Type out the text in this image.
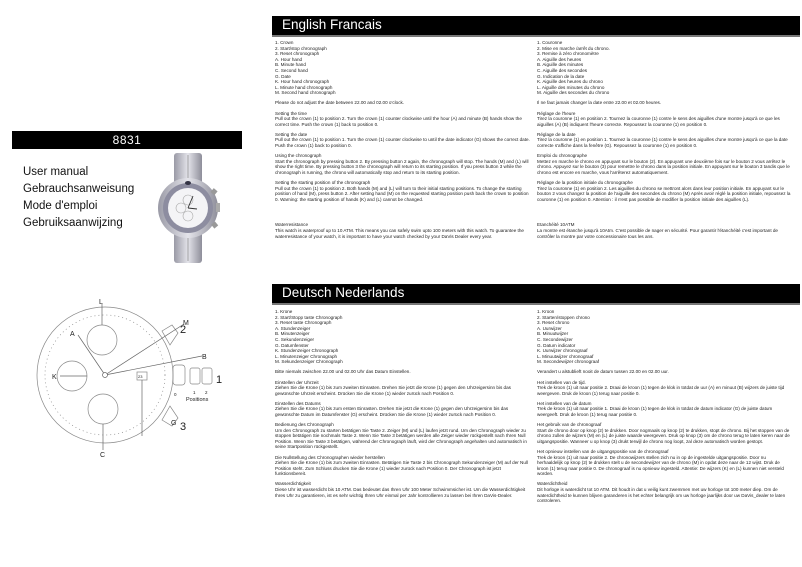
8831
User manual
Gebrauchsanweisung
Mode d'emploi
Gebruiksaanwijzing
L
M
A
B
K
G
C
2
1
3
Positions
0	1 2
23
English Francais
Deutsch Nederlands
1. Crown
2. Start/stop chronograph
3. Reset chronograph
A. Hour hand
B. Minute hand
C. Second hand
G. Date
K. Hour hand chronograph
L. Minute hand chronograph
M. Second hand chronograph
Please do not adjust the date between 22.00 and 02.00 o'clock.
Setting the time
Pull out the crown (1) to position 2. Turn the crown (1) counter clockwise until the hour (A) and minute (B) hands show the correct time. Push the crown (1) back to position 0.
Setting the date
Pull out the crown (1) to position 1. Turn the crown (1) counter clockwise to until the date indicator (G) shows the correct date. Push the crown (1) back to position 0.
Using the chronograph
Start the chronograph by pressing button 2. By pressing button 2 again, the chronograph will stop. The hands (M) and (L) will show the right time. By pressing button 3 the chronograph will return to its starting position. If you press button 3 while the chronograph is running, the chrono will automatically stop and return to its starting position.
Setting the starting position of the chronograph
Pull out the crown (1) to position 2. Both hands (M) and (L) will turn to their initial starting positions. To change the starting position of hand (M), press button 2. After setting hand (M) on the requested starting position push back the crown to position 0. Warning: the starting position of hands (K) and (L) cannot be changed.
Waterresistance
This watch is waterproof up to 10 ATM. This means you can safely swim upto 100 meters with this watch. To guarantee the waterresistance of your watch, it is important to have your watch checked by your DaVis Dealer every year.
1. Couronne
2. Mise en marche /arrêt du chrono.
3. Remise à zéro chronomètre
A. Aiguille des heures
B. Aiguille des minutes
C. Aiguille des secondes
G. Indication de la date
K. Aiguille des heures du chrono
L. Aiguille des minutes du chrono
M. Aiguille des secondes du chrono
Il ne faut jamais changer la date entre 22.00 et 02.00 heures.
Réglage de l'heure
Tirez la couronne (1) en position 2. Tournez la couronne (1) contre le sens des aiguilles d'une montre jusqu'à ce que les aiguilles (A) (B) indiquent l'heure correcte. Repoussez la couronne (1) en position 0.
Réglage de la date
Tirez la couronne (1) en position 1. Tournez la couronne (1) contre le sens des aiguilles d'une montre jusqu'à ce que la date correcte s'affiche dans la fenêtre (G). Repoussez la couronne (1) en position 0.
Emploi du chronographe
Mettez en marche le chrono en appuyant sur le bouton (2). En appuyant une deuxième fois sur le bouton 2 vous arrêtez le chrono. Appuyez sur le bouton (3) pour remettre le chrono dans la position initiale. En appuyant sur le bouton 3 tandis que le chrono est encore en marche, vous l'arrêterez automatiquement.
Réglage de la position initiale du chronographe
Tirez la couronne (1) en position 2. Les aiguilles du chrono se mettront alors dans leur position initiale. En appuyant sur le bouton 2 vous changez la position de l'aiguille des secondes du chrono (M) Après avoir réglé la position initiale, repoussez la couronne (1) en position 0. Attention : il n'est pas possible de modifier la position initiale des aiguilles (L).
Etanchéité 10ATM
La montre est étanche jusqu'à 10Atm. C'est possible de nager en sécurité. Pour garantir l'étanchéité c'est important de contrôler la montre par votre concessionaire tous les ans.
1. Krone
2. Start/Stopp taste Chronograph
3. Reset taste Chronograph
A. Stundenzeiger
B. Minutenzeiger
C. Sekundenzeiger
G. Datumfenster
K. Stundenzeiger Chronograph
L. Minutenzeiger Chronograph
M. Sekundenzeiger Chronograph
Bitte niemals zwischen 22.00 und 02.00 Uhr das Datum Einstellen.
Einstellen der Uhrzeit
Ziehen Sie die Krone (1) bis zum zweiten Einrasten. Drehen Sie jetzt die Krone (1) gegen den Uhrzeigersinn bis das gewünschte Uhrzeit erscheint. Drücken Sie die Krone (1) wieder zurück nach Position 0.
Einstellen des Datums
Ziehen Sie die Krone (1) bis zum ersten Einrasten. Drehen Sie jetzt die Krone (1) gegen den Uhrzeigersinn bis das gewünschte Datum im Datumfenster (G) erscheint. Drücken Sie die Krone (1) wieder zurück nach Position 0.
Bedienung des Chronograph
Um den Chronograph zu starten betätigen Sie Taste 2. Zeiger (M) und (L) laufen jetzt rund. Um den Chronograph wieder zu stoppen betätigen Sie nochmals Taste 2. Wenn Sie Taste 3 betätigen werden alle Zeiger wieder rückgestellt nach Ihren Null Position. Wenn Sie Taste 3 betätigen, während der Chronograph läuft, wird der Chronograph angehalten und automatisch in seine Startposition rückgestellt.
Die Nullstellung des Chronographen wieder herstellen
Ziehen Sie die Krone (1) bis zum zweiten Einrasten. Betätigen Sie Taste 2 bis Chronograph Sekundenzeiger (M) auf der Null Position steht. Zum Schluss drucken Sie die Krone (1) wieder zurück nach Position 0. Der Chronograph ist jetzt funktionsbereit.
Wasserdichtigkeit
Diese Uhr ist wasserdicht bis 10 ATM. Das bedeutet das Ihren Uhr 100 Meter Schwimmsicher ist. Um die Wasserdichtigkeit Ihres Uhr zu garantieren, ist es sehr wichtig Ihren Uhr einmal per Jahr kontrollieren zu lassen bei Ihren DaVis-Dealer.
1. Kroon
2. Starten/stoppen chrono
3. Reset chrono
A. Uurwijzer
B. Minuutwijzer
C. Secondewijzer
G. Datum indicator
K. Uurwijzer chronograaf
L. Minuutwijzer chronograaf
M. Secondewijzer chronograaf
Verandert u alstublieft nooit de datum tussen 22.00 en 02.00 uur.
Het instellen van de tijd.
Trek de kroon (1) uit naar positie 2. Draai de kroon (1) tegen de klok in totdat de uur (A) en minuut (B) wijzers de juiste tijd weergeven. Druk de kroon (1) terug naar positie 0.
Het instellen van de datum
Trek de kroon (1) uit naar positie 1. Draai de kroon (1) tegen de klok in totdat de datum indicator (G) de juiste datum weergeeft. Druk de kroon (1) terug naar positie 0.
Het gebruik van de chronograaf
Start de chrono door op knop (2) te drukken. Door nogmaals op knop (2) te drukken, stopt de chrono. Bij het stoppen van de chrono zullen de wijzers (M) en (L) de juiste waarde weergeven. Druk op knop (3) om de chrono terug te laten keren naar de uitgangspositie. Wanneer u op knop (3) drukt terwijl de chrono nog loopt, zal deze automatisch worden gestopt.
Het opnieuw instellen van de uitgangspositie van de chronograaf
Trek de kroon (1) uit naar positie 2. De chronowijzers stellen zich nu in op de ingestelde uitgangspositie. Door nu herhaaldelijk op knop (2) te drukken stelt u de secondewijzer van de chrono (M) in opdat deze naar de 12 wijst. Druk de kroon (1) terug naar positie 0. De chronograaf is nu opnieuw ingesteld. Attentie: De wijzers (K) en (L) kunnen niet versteld worden.
Waterdichtheid
Dit horloge is waterdicht tot 10 ATM. Dit houdt in dat u veilig kunt zwemmen met uw horloge tot 100 meter diep. Om de waterdichtheid te kunnen blijven garanderen is het echter belangrijk om uw horloge jaarlijks door uw DaVis_dealer te laten controleren.
